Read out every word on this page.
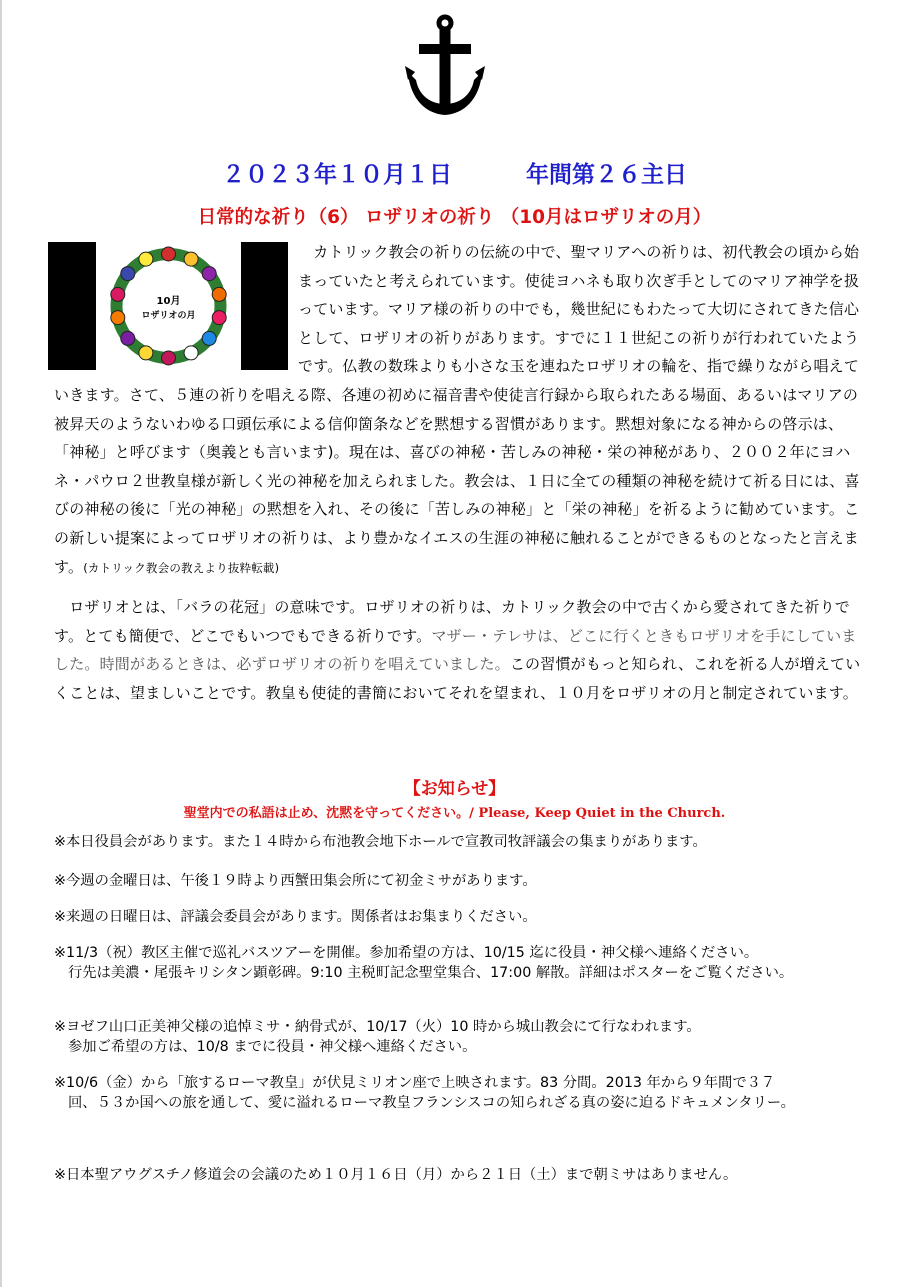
２０２３年１０月１日	年間第２６主日
日常的な祈り（6） ロザリオの祈り （10月はロザリオの月）
10月
ロザリオの月

　カトリック教会の祈りの伝統の中で、聖マリアへの祈りは、初代教会の頃から始まっていたと考えられています。使徒ヨハネも取り次ぎ手としてのマリア神学を扱っています。マリア様の祈りの中でも，幾世紀にもわたって大切にされてきた信心として、ロザリオの祈りがあります。すでに１１世紀この祈りが行われていたようです。仏教の数珠よりも小さな玉を連ねたロザリオの輪を、指で繰りながら唱えていきます。さて、５連の祈りを唱える際、各連の初めに福音書や使徒言行録から取られたある場面、あるいはマリアの被昇天のようないわゆる口頭伝承による信仰箇条などを黙想する習慣があります。黙想対象になる神からの啓示は、「神秘」と呼びます（奥義とも言います)。現在は、喜びの神秘・苦しみの神秘・栄の神秘があり、２００２年にヨハネ・パウロ２世教皇様が新しく光の神秘を加えられました。教会は、１日に全ての種類の神秘を続けて祈る日には、喜びの神秘の後に「光の神秘」の黙想を入れ、その後に「苦しみの神秘」と「栄の神秘」を祈るように勧めています。この新しい提案によってロザリオの祈りは、より豊かなイエスの生涯の神秘に触れることができるものとなったと言えます。(カトリック教会の教えより抜粋転載)

　ロザリオとは、「バラの花冠」の意味です。ロザリオの祈りは、カトリック教会の中で古くから愛されてきた祈りです。とても簡便で、どこでもいつでもできる祈りです。マザー・テレサは、どこに行くときもロザリオを手にしていました。時間があるときは、必ずロザリオの祈りを唱えていました。この習慣がもっと知られ、これを祈る人が増えていくことは、望ましいことです。教皇も使徒的書簡においてそれを望まれ、１０月をロザリオの月と制定されています。

【お知らせ】
聖堂内での私語は止め、沈黙を守ってください。/ Please, Keep Quiet in the Church.
※本日役員会があります。また１４時から布池教会地下ホールで宣教司牧評議会の集まりがあります。
※今週の金曜日は、午後１９時より西蟹田集会所にて初金ミサがあります。
※来週の日曜日は、評議会委員会があります。関係者はお集まりください。
※11/3（祝）教区主催で巡礼バスツアーを開催。参加希望の方は、10/15 迄に役員・神父様へ連絡ください。
行先は美濃・尾張キリシタン顕彰碑。9:10 主税町記念聖堂集合、17:00 解散。詳細はポスターをご覧ください。
※ヨゼフ山口正美神父様の追悼ミサ・納骨式が、10/17（火）10 時から城山教会にて行なわれます。
参加ご希望の方は、10/8 までに役員・神父様へ連絡ください。
※10/6（金）から「旅するローマ教皇」が伏見ミリオン座で上映されます。83 分間。2013 年から９年間で３７
回、５３か国への旅を通して、愛に溢れるローマ教皇フランシスコの知られざる真の姿に迫るドキュメンタリー。
※日本聖アウグスチノ修道会の会議のため１０月１６日（月）から２１日（土）まで朝ミサはありません。
